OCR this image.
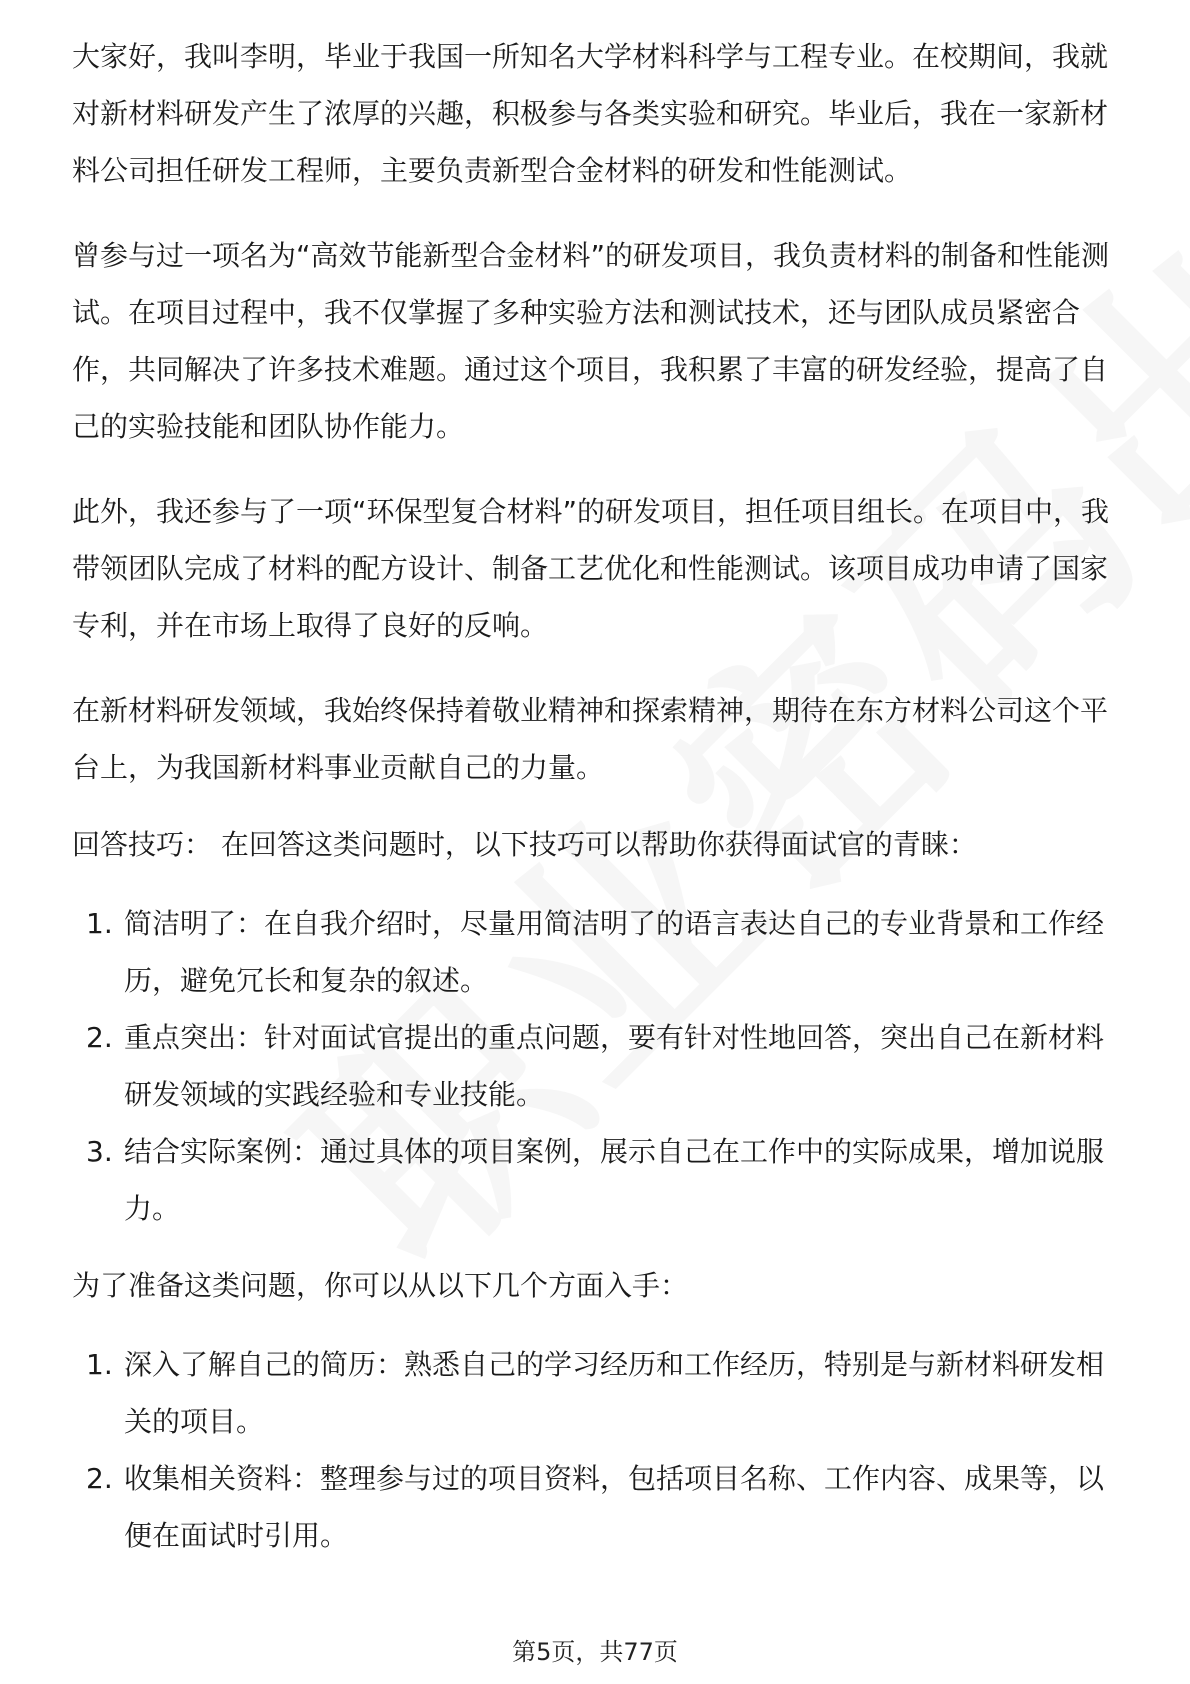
大家好，我叫李明，毕业于我国一所知名大学材料科学与工程专业。在校期间，我就对新材料研发产生了浓厚的兴趣，积极参与各类实验和研究。毕业后，我在一家新材料公司担任研发工程师，主要负责新型合金材料的研发和性能测试。

曾参与过一项名为“高效节能新型合金材料”的研发项目，我负责材料的制备和性能测试。在项目过程中，我不仅掌握了多种实验方法和测试技术，还与团队成员紧密合作，共同解决了许多技术难题。通过这个项目，我积累了丰富的研发经验，提高了自己的实验技能和团队协作能力。

此外，我还参与了一项“环保型复合材料”的研发项目，担任项目组长。在项目中，我带领团队完成了材料的配方设计、制备工艺优化和性能测试。该项目成功申请了国家专利，并在市场上取得了良好的反响。

在新材料研发领域，我始终保持着敬业精神和探索精神，期待在东方材料公司这个平台上，为我国新材料事业贡献自己的力量。

回答技巧： 在回答这类问题时，以下技巧可以帮助你获得面试官的青睐：

1. 简洁明了：在自我介绍时，尽量用简洁明了的语言表达自己的专业背景和工作经历，避免冗长和复杂的叙述。
2. 重点突出：针对面试官提出的重点问题，要有针对性地回答，突出自己在新材料研发领域的实践经验和专业技能。
3. 结合实际案例：通过具体的项目案例，展示自己在工作中的实际成果，增加说服力。

为了准备这类问题，你可以从以下几个方面入手：

1. 深入了解自己的简历：熟悉自己的学习经历和工作经历，特别是与新材料研发相关的项目。
2. 收集相关资料：整理参与过的项目资料，包括项目名称、工作内容、成果等，以便在面试时引用。
第5页，共77页
